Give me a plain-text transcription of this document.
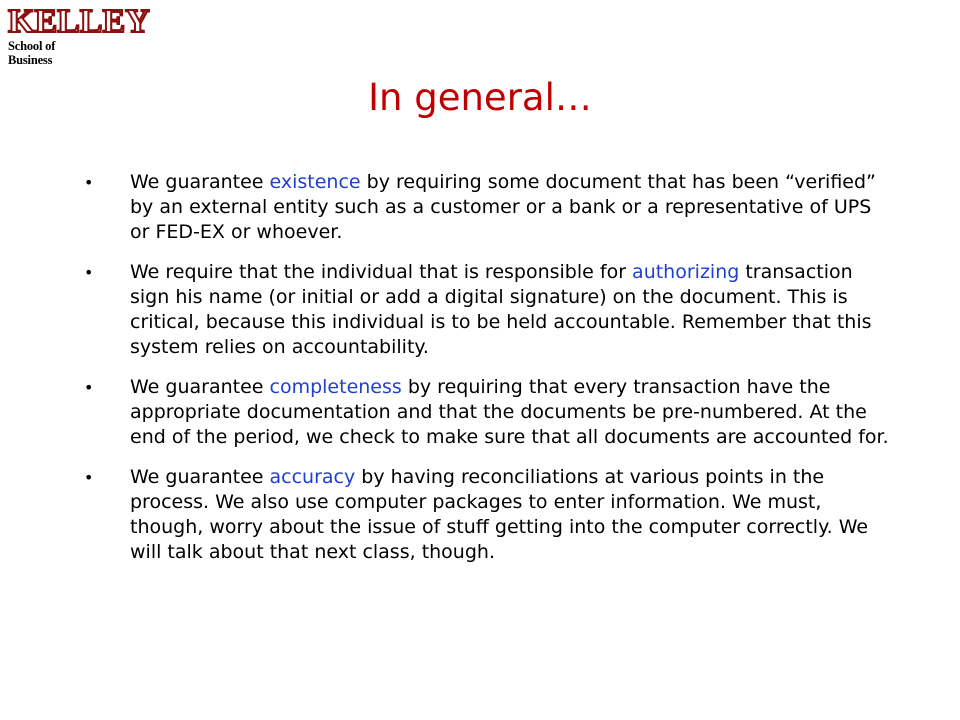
KELLEY
School of Business
In general…
• We guarantee existence by requiring some document that has been “verified” by an external entity such as a customer or a bank or a representative of UPS or FED-EX or whoever.
• We require that the individual that is responsible for authorizing transaction sign his name (or initial or add a digital signature) on the document. This is critical, because this individual is to be held accountable. Remember that this system relies on accountability.
• We guarantee completeness by requiring that every transaction have the appropriate documentation and that the documents be pre-numbered. At the end of the period, we check to make sure that all documents are accounted for.
• We guarantee accuracy by having reconciliations at various points in the process. We also use computer packages to enter information. We must, though, worry about the issue of stuff getting into the computer correctly. We will talk about that next class, though.
